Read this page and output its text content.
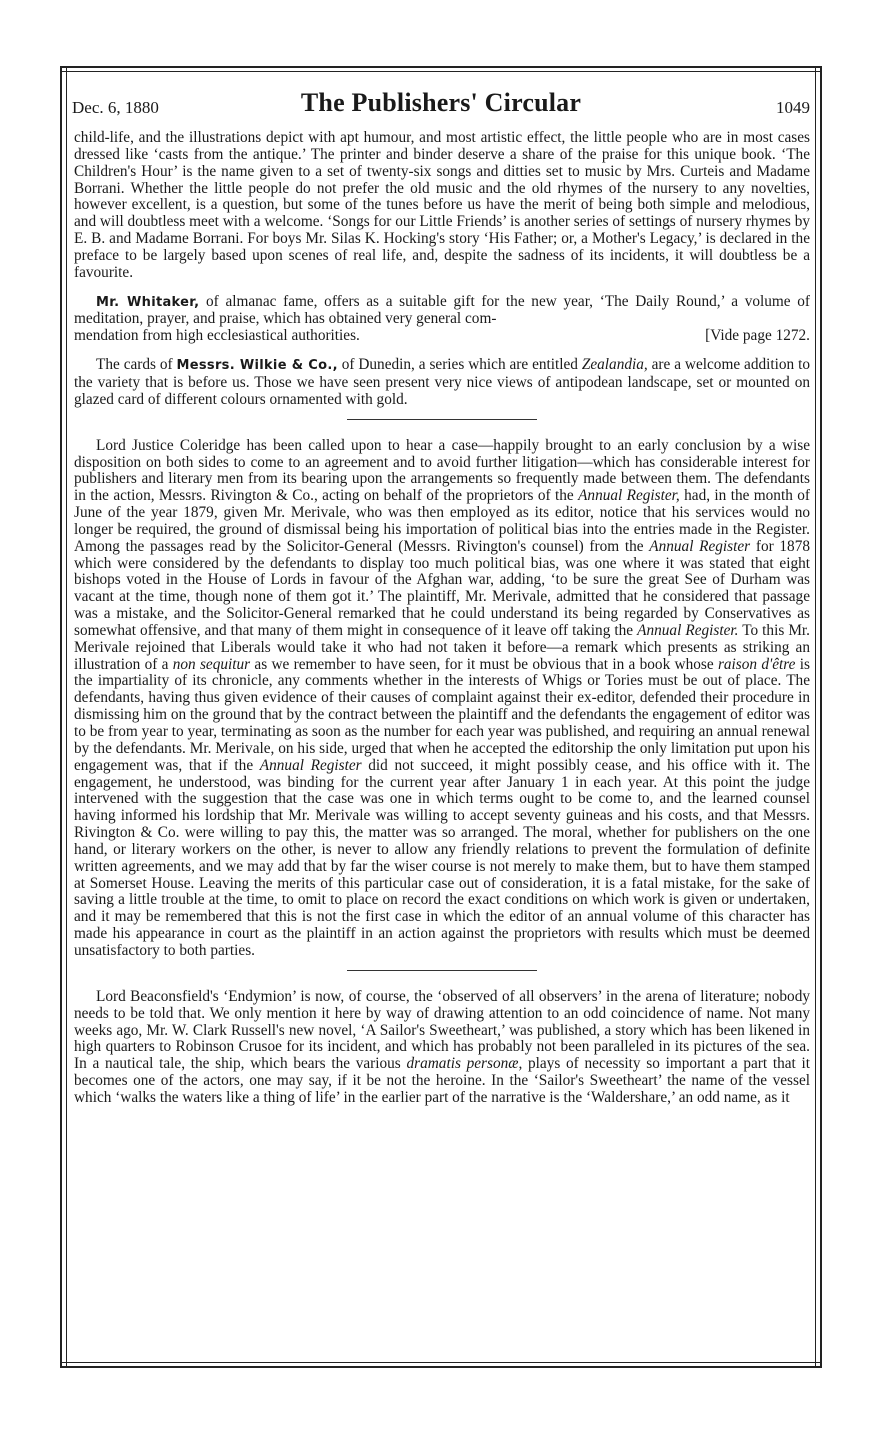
Dec. 6, 1880	The Publishers' Circular	1049

child-life, and the illustrations depict with apt humour, and most artistic effect, the little people who are in most cases dressed like ‘casts from the antique.’ The printer and binder deserve a share of the praise for this unique book. ‘The Children's Hour’ is the name given to a set of twenty-six songs and ditties set to music by Mrs. Curteis and Madame Borrani. Whether the little people do not prefer the old music and the old rhymes of the nursery to any novelties, however excellent, is a question, but some of the tunes before us have the merit of being both simple and melodious, and will doubtless meet with a welcome. ‘Songs for our Little Friends’ is another series of settings of nursery rhymes by E. B. and Madame Borrani. For boys Mr. Silas K. Hocking's story ‘His Father; or, a Mother's Legacy,’ is declared in the preface to be largely based upon scenes of real life, and, despite the sadness of its incidents, it will doubtless be a favourite.

Mr. Whitaker, of almanac fame, offers as a suitable gift for the new year, ‘The Daily Round,’ a volume of meditation, prayer, and praise, which has obtained very general com-

mendation from high ecclesiastical authorities.	[Vide page 1272.

The cards of Messrs. Wilkie & Co., of Dunedin, a series which are entitled Zealandia, are a welcome addition to the variety that is before us. Those we have seen present very nice views of antipodean landscape, set or mounted on glazed card of different colours ornamented with gold.

Lord Justice Coleridge has been called upon to hear a case—happily brought to an early conclusion by a wise disposition on both sides to come to an agreement and to avoid further litigation—which has considerable interest for publishers and literary men from its bearing upon the arrangements so frequently made between them. The defendants in the action, Messrs. Rivington & Co., acting on behalf of the proprietors of the Annual Register, had, in the month of June of the year 1879, given Mr. Merivale, who was then employed as its editor, notice that his services would no longer be required, the ground of dismissal being his importation of political bias into the entries made in the Register. Among the passages read by the Solicitor-General (Messrs. Rivington's counsel) from the Annual Register for 1878 which were considered by the defendants to display too much political bias, was one where it was stated that eight bishops voted in the House of Lords in favour of the Afghan war, adding, ‘to be sure the great See of Durham was vacant at the time, though none of them got it.’ The plaintiff, Mr. Merivale, admitted that he considered that passage was a mistake, and the Solicitor-General remarked that he could understand its being regarded by Conservatives as somewhat offensive, and that many of them might in consequence of it leave off taking the Annual Register. To this Mr. Merivale rejoined that Liberals would take it who had not taken it before—a remark which presents as striking an illustration of a non sequitur as we remember to have seen, for it must be obvious that in a book whose raison d'être is the impartiality of its chronicle, any comments whether in the interests of Whigs or Tories must be out of place. The defendants, having thus given evidence of their causes of complaint against their ex-editor, defended their procedure in dismissing him on the ground that by the contract between the plaintiff and the defendants the engagement of editor was to be from year to year, terminating as soon as the number for each year was published, and requiring an annual renewal by the defendants. Mr. Merivale, on his side, urged that when he accepted the editorship the only limitation put upon his engagement was, that if the Annual Register did not succeed, it might possibly cease, and his office with it. The engagement, he understood, was binding for the current year after January 1 in each year. At this point the judge intervened with the suggestion that the case was one in which terms ought to be come to, and the learned counsel having informed his lordship that Mr. Merivale was willing to accept seventy guineas and his costs, and that Messrs. Rivington & Co. were willing to pay this, the matter was so arranged. The moral, whether for publishers on the one hand, or literary workers on the other, is never to allow any friendly relations to prevent the formulation of definite written agreements, and we may add that by far the wiser course is not merely to make them, but to have them stamped at Somerset House. Leaving the merits of this particular case out of consideration, it is a fatal mistake, for the sake of saving a little trouble at the time, to omit to place on record the exact conditions on which work is given or undertaken, and it may be remembered that this is not the first case in which the editor of an annual volume of this character has made his appearance in court as the plaintiff in an action against the proprietors with results which must be deemed unsatisfactory to both parties.

Lord Beaconsfield's ‘Endymion’ is now, of course, the ‘observed of all observers’ in the arena of literature; nobody needs to be told that. We only mention it here by way of drawing attention to an odd coincidence of name. Not many weeks ago, Mr. W. Clark Russell's new novel, ‘A Sailor's Sweetheart,’ was published, a story which has been likened in high quarters to Robinson Crusoe for its incident, and which has probably not been paralleled in its pictures of the sea. In a nautical tale, the ship, which bears the various dramatis personæ, plays of necessity so important a part that it becomes one of the actors, one may say, if it be not the heroine. In the ‘Sailor's Sweetheart’ the name of the vessel which ‘walks the waters like a thing of life’ in the earlier part of the narrative is the ‘Waldershare,’ an odd name, as it
